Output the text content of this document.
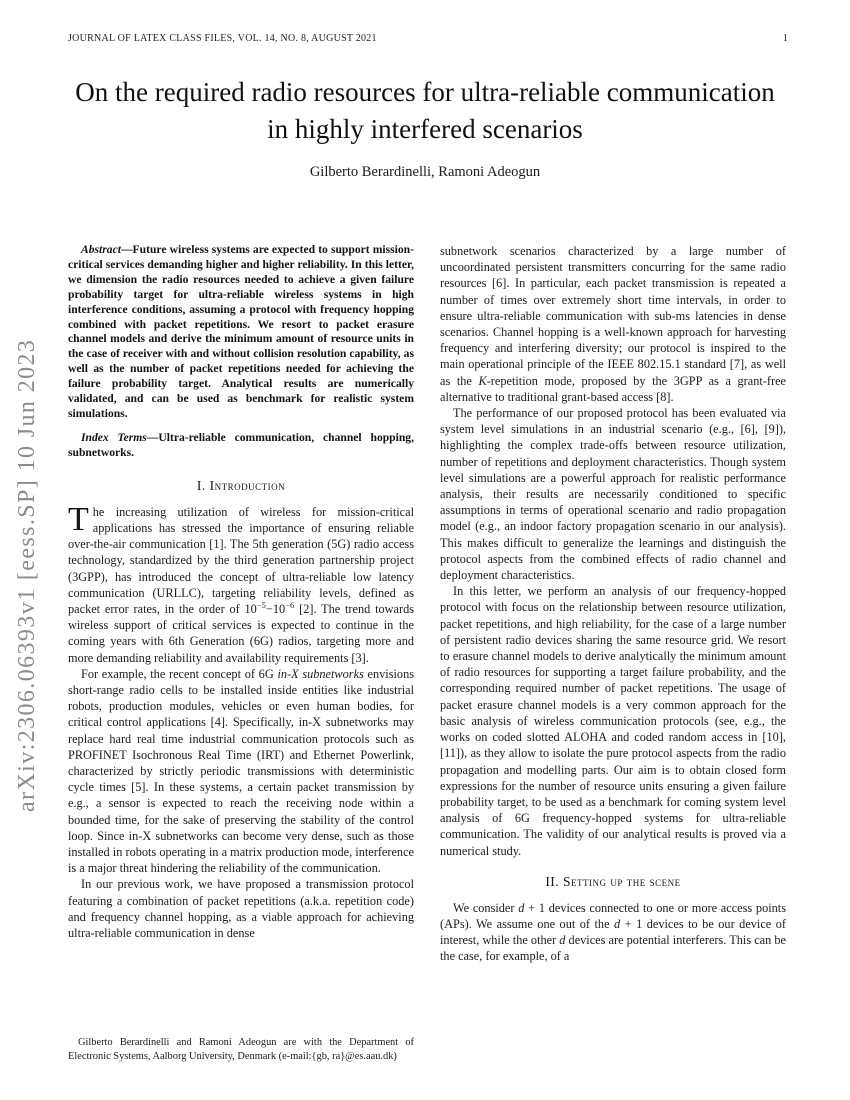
JOURNAL OF LATEX CLASS FILES, VOL. 14, NO. 8, AUGUST 2021	1
arXiv:2306.06393v1 [eess.SP] 10 Jun 2023
On the required radio resources for ultra-reliable communication in highly interfered scenarios
Gilberto Berardinelli, Ramoni Adeogun

Abstract—Future wireless systems are expected to support mission-critical services demanding higher and higher reliability. In this letter, we dimension the radio resources needed to achieve a given failure probability target for ultra-reliable wireless systems in high interference conditions, assuming a protocol with frequency hopping combined with packet repetitions. We resort to packet erasure channel models and derive the minimum amount of resource units in the case of receiver with and without collision resolution capability, as well as the number of packet repetitions needed for achieving the failure probability target. Analytical results are numerically validated, and can be used as benchmark for realistic system simulations.

Index Terms—Ultra-reliable communication, channel hopping, subnetworks.

I. Introduction

The increasing utilization of wireless for mission-critical applications has stressed the importance of ensuring reliable over-the-air communication [1]. The 5th generation (5G) radio access technology, standardized by the third generation partnership project (3GPP), has introduced the concept of ultra-reliable low latency communication (URLLC), targeting reliability levels, defined as packet error rates, in the order of $10^{-5}-10^{-6}$ [2]. The trend towards wireless support of critical services is expected to continue in the coming years with 6th Generation (6G) radios, targeting more and more demanding reliability and availability requirements [3].

For example, the recent concept of 6G in-X subnetworks envisions short-range radio cells to be installed inside entities like industrial robots, production modules, vehicles or even human bodies, for critical control applications [4]. Specifically, in-X subnetworks may replace hard real time industrial communication protocols such as PROFINET Isochronous Real Time (IRT) and Ethernet Powerlink, characterized by strictly periodic transmissions with deterministic cycle times [5]. In these systems, a certain packet transmission by e.g., a sensor is expected to reach the receiving node within a bounded time, for the sake of preserving the stability of the control loop. Since in-X subnetworks can become very dense, such as those installed in robots operating in a matrix production mode, interference is a major threat hindering the reliability of the communication.

In our previous work, we have proposed a transmission protocol featuring a combination of packet repetitions (a.k.a. repetition code) and frequency channel hopping, as a viable approach for achieving ultra-reliable communication in dense

Gilberto Berardinelli and Ramoni Adeogun are with the Department of Electronic Systems, Aalborg University, Denmark (e-mail:{gb, ra}@es.aau.dk)

subnetwork scenarios characterized by a large number of uncoordinated persistent transmitters concurring for the same radio resources [6]. In particular, each packet transmission is repeated a number of times over extremely short time intervals, in order to ensure ultra-reliable communication with sub-ms latencies in dense scenarios. Channel hopping is a well-known approach for harvesting frequency and interfering diversity; our protocol is inspired to the main operational principle of the IEEE 802.15.1 standard [7], as well as the K-repetition mode, proposed by the 3GPP as a grant-free alternative to traditional grant-based access [8].

The performance of our proposed protocol has been evaluated via system level simulations in an industrial scenario (e.g., [6], [9]), highlighting the complex trade-offs between resource utilization, number of repetitions and deployment characteristics. Though system level simulations are a powerful approach for realistic performance analysis, their results are necessarily conditioned to specific assumptions in terms of operational scenario and radio propagation model (e.g., an indoor factory propagation scenario in our analysis). This makes difficult to generalize the learnings and distinguish the protocol aspects from the combined effects of radio channel and deployment characteristics.

In this letter, we perform an analysis of our frequency-hopped protocol with focus on the relationship between resource utilization, packet repetitions, and high reliability, for the case of a large number of persistent radio devices sharing the same resource grid. We resort to erasure channel models to derive analytically the minimum amount of radio resources for supporting a target failure probability, and the corresponding required number of packet repetitions. The usage of packet erasure channel models is a very common approach for the basic analysis of wireless communication protocols (see, e.g., the works on coded slotted ALOHA and coded random access in [10], [11]), as they allow to isolate the pure protocol aspects from the radio propagation and modelling parts. Our aim is to obtain closed form expressions for the number of resource units ensuring a given failure probability target, to be used as a benchmark for coming system level analysis of 6G frequency-hopped systems for ultra-reliable communication. The validity of our analytical results is proved via a numerical study.

II. Setting up the scene

We consider d + 1 devices connected to one or more access points (APs). We assume one out of the d + 1 devices to be our device of interest, while the other d devices are potential interferers. This can be the case, for example, of a
